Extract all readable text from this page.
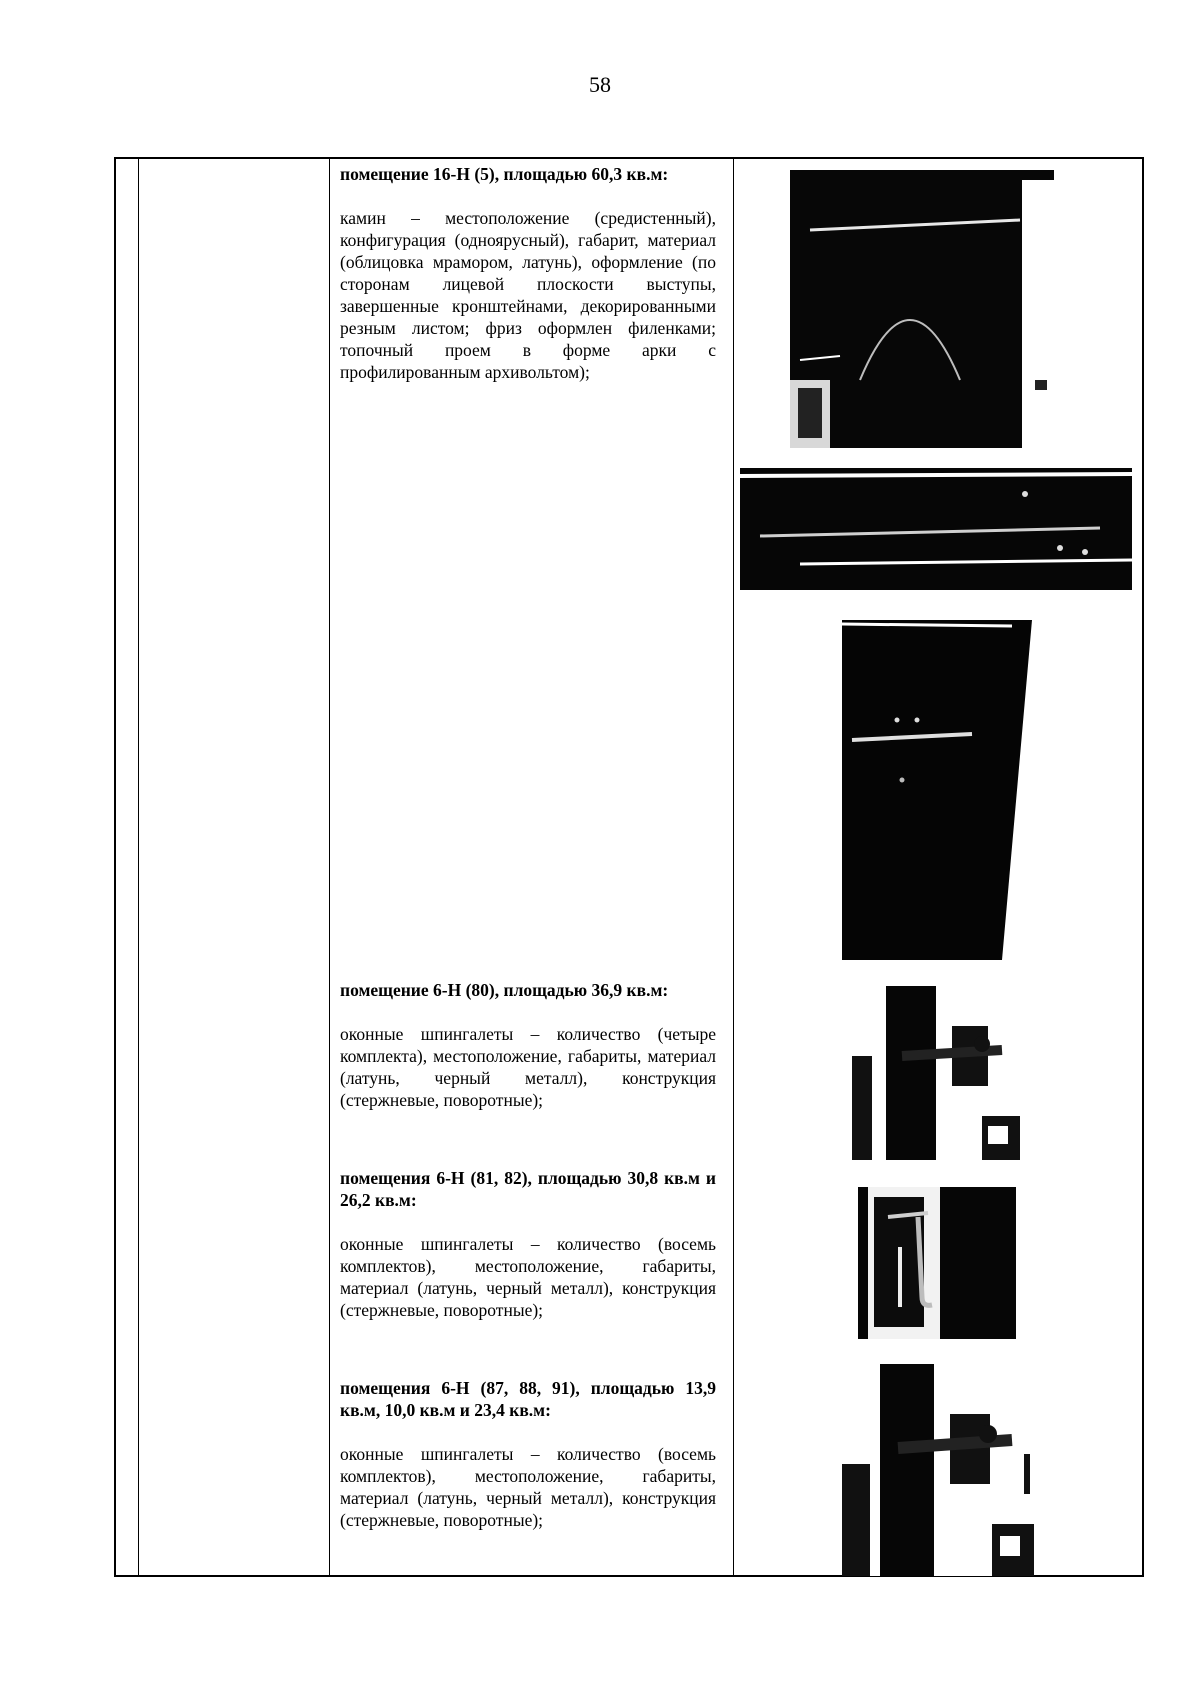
58
помещение 16-Н (5), площадью 60,3 кв.м:

камин – местоположение (средистенный), конфигурация (одноярусный), габарит, материал (облицовка мрамором, латунь), оформление (по сторонам лицевой плоскости выступы, завершенные кронштейнами, декорированными резным листом; фриз оформлен филенками; топочный проем в форме арки с профилированным архивольтом);

помещение 6-Н (80), площадью 36,9 кв.м:

оконные шпингалеты – количество (четыре комплекта), местоположение, габариты, материал (латунь, черный металл), конструкция (стержневые, поворотные);

помещения 6-Н (81, 82), площадью 30,8 кв.м и 26,2 кв.м:

оконные шпингалеты – количество (восемь комплектов), местоположение, габариты, материал (латунь, черный металл), конструкция (стержневые, поворотные);

помещения 6-Н (87, 88, 91), площадью 13,9 кв.м, 10,0 кв.м и 23,4 кв.м:

оконные шпингалеты – количество (восемь комплектов), местоположение, габариты, материал (латунь, черный металл), конструкция (стержневые, поворотные);
